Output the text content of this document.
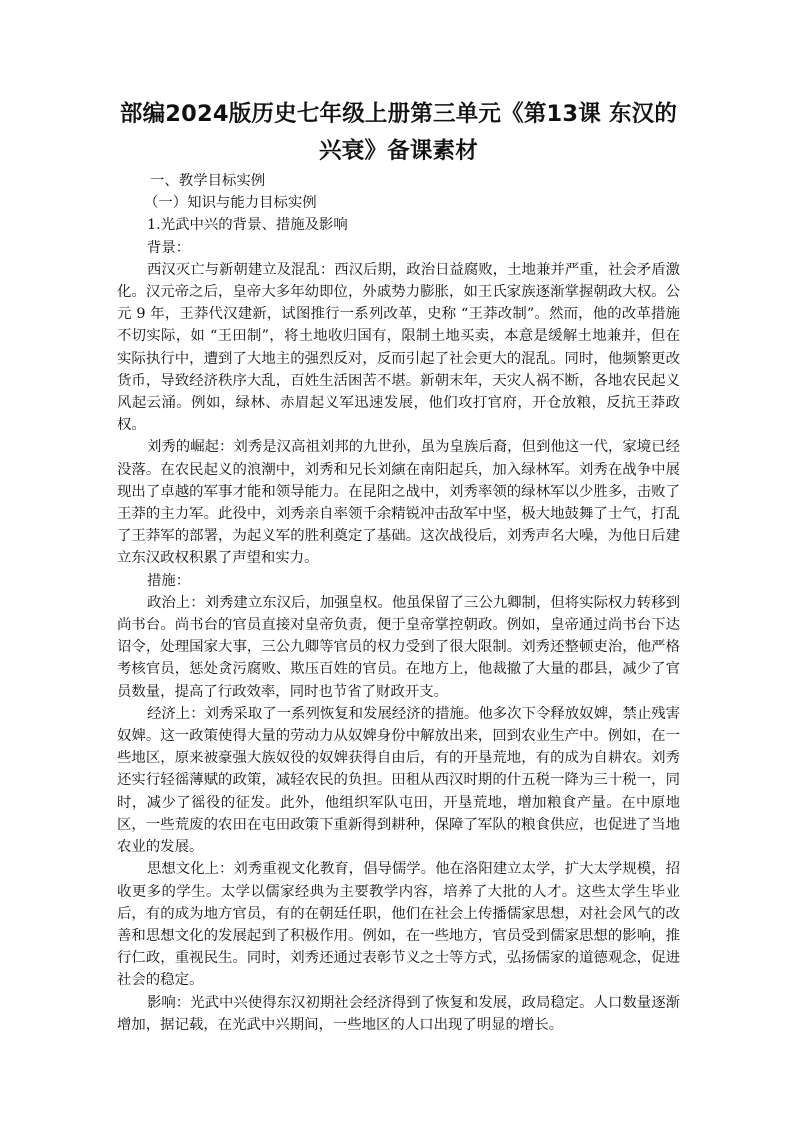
部编2024版历史七年级上册第三单元《第13课 东汉的兴衰》备课素材
一、教学目标实例
（一）知识与能力目标实例
1.光武中兴的背景、措施及影响
背景：

西汉灭亡与新朝建立及混乱：西汉后期，政治日益腐败，土地兼并严重，社会矛盾激化。汉元帝之后，皇帝大多年幼即位，外戚势力膨胀，如王氏家族逐渐掌握朝政大权。公元 9 年，王莽代汉建新，试图推行一系列改革，史称 “王莽改制”。然而，他的改革措施不切实际，如 “王田制”，将土地收归国有，限制土地买卖，本意是缓解土地兼并，但在实际执行中，遭到了大地主的强烈反对，反而引起了社会更大的混乱。同时，他频繁更改货币，导致经济秩序大乱，百姓生活困苦不堪。新朝末年，天灾人祸不断，各地农民起义风起云涌。例如，绿林、赤眉起义军迅速发展，他们攻打官府，开仓放粮，反抗王莽政权。

刘秀的崛起：刘秀是汉高祖刘邦的九世孙，虽为皇族后裔，但到他这一代，家境已经没落。在农民起义的浪潮中，刘秀和兄长刘縯在南阳起兵，加入绿林军。刘秀在战争中展现出了卓越的军事才能和领导能力。在昆阳之战中，刘秀率领的绿林军以少胜多，击败了王莽的主力军。此役中，刘秀亲自率领千余精锐冲击敌军中坚，极大地鼓舞了士气，打乱了王莽军的部署，为起义军的胜利奠定了基础。这次战役后，刘秀声名大噪，为他日后建立东汉政权积累了声望和实力。

措施：

政治上：刘秀建立东汉后，加强皇权。他虽保留了三公九卿制，但将实际权力转移到尚书台。尚书台的官员直接对皇帝负责，便于皇帝掌控朝政。例如，皇帝通过尚书台下达诏令，处理国家大事，三公九卿等官员的权力受到了很大限制。刘秀还整顿吏治，他严格考核官员，惩处贪污腐败、欺压百姓的官员。在地方上，他裁撤了大量的郡县，减少了官员数量，提高了行政效率，同时也节省了财政开支。

经济上：刘秀采取了一系列恢复和发展经济的措施。他多次下令释放奴婢，禁止残害奴婢。这一政策使得大量的劳动力从奴婢身份中解放出来，回到农业生产中。例如，在一些地区，原来被豪强大族奴役的奴婢获得自由后，有的开垦荒地，有的成为自耕农。刘秀还实行轻徭薄赋的政策，减轻农民的负担。田租从西汉时期的什五税一降为三十税一，同时，减少了徭役的征发。此外，他组织军队屯田，开垦荒地，增加粮食产量。在中原地区，一些荒废的农田在屯田政策下重新得到耕种，保障了军队的粮食供应，也促进了当地农业的发展。

思想文化上：刘秀重视文化教育，倡导儒学。他在洛阳建立太学，扩大太学规模，招收更多的学生。太学以儒家经典为主要教学内容，培养了大批的人才。这些太学生毕业后，有的成为地方官员，有的在朝廷任职，他们在社会上传播儒家思想，对社会风气的改善和思想文化的发展起到了积极作用。例如，在一些地方，官员受到儒家思想的影响，推行仁政，重视民生。同时，刘秀还通过表彰节义之士等方式，弘扬儒家的道德观念，促进社会的稳定。

影响：光武中兴使得东汉初期社会经济得到了恢复和发展，政局稳定。人口数量逐渐增加，据记载，在光武中兴期间，一些地区的人口出现了明显的增长。
